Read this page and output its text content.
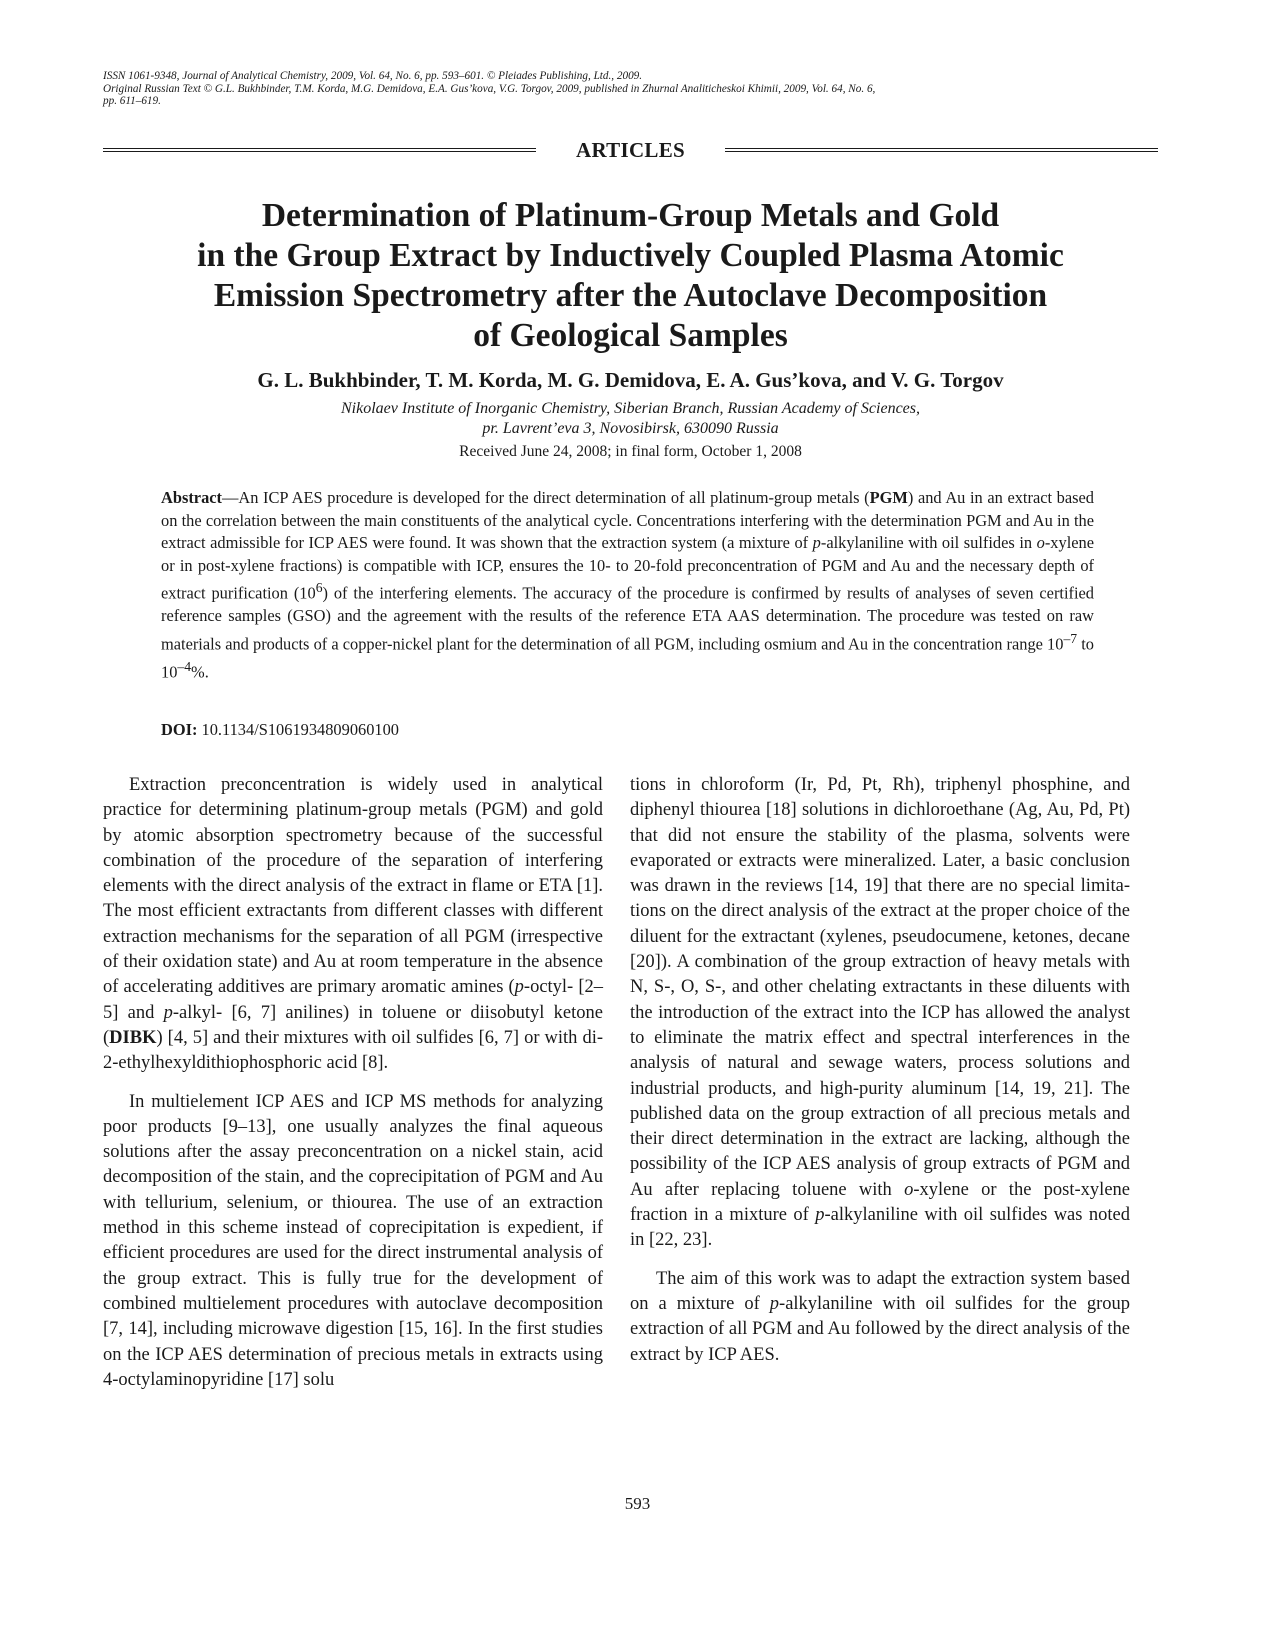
ISSN 1061-9348, Journal of Analytical Chemistry, 2009, Vol. 64, No. 6, pp. 593–601. © Pleiades Publishing, Ltd., 2009.
Original Russian Text © G.L. Bukhbinder, T.M. Korda, M.G. Demidova, E.A. Gus’kova, V.G. Torgov, 2009, published in Zhurnal Analiticheskoi Khimii, 2009, Vol. 64, No. 6,
pp. 611–619.
ARTICLES
Determination of Platinum-Group Metals and Gold
in the Group Extract by Inductively Coupled Plasma Atomic
Emission Spectrometry after the Autoclave Decomposition
of Geological Samples
G. L. Bukhbinder, T. M. Korda, M. G. Demidova, E. A. Gus’kova, and V. G. Torgov
Nikolaev Institute of Inorganic Chemistry, Siberian Branch, Russian Academy of Sciences,
pr. Lavrent’eva 3, Novosibirsk, 630090 Russia
Received June 24, 2008; in final form, October 1, 2008
Abstract—An ICP AES procedure is developed for the direct determination of all platinum-group metals (PGM) and Au in an extract based on the correlation between the main constituents of the analytical cycle. Concentrations interfering with the determination PGM and Au in the extract admissible for ICP AES were found. It was shown that the extraction system (a mixture of p-alkylaniline with oil sulfides in o-xylene or in post-xylene fractions) is compatible with ICP, ensures the 10- to 20-fold preconcentration of PGM and Au and the necessary depth of extract purification $(10^6)$ of the interfering elements. The accuracy of the procedure is confirmed by results of analyses of seven certified reference samples (GSO) and the agreement with the results of the reference ETA AAS determination. The procedure was tested on raw materials and products of a copper-nickel plant for the determination of all PGM, including osmium and Au in the concentration range $10^{-7}$ to $10^{-4}\%$.
DOI: 10.1134/S1061934809060100

Extraction preconcentration is widely used in analytical practice for determining platinum-group metals (PGM) and gold by atomic absorption spectrometry because of the successful combination of the procedure of the separation of interfering elements with the direct analysis of the extract in flame or ETA [1]. The most efficient extractants from different classes with different extraction mechanisms for the separation of all PGM (irrespective of their oxidation state) and Au at room temperature in the absence of accelerating additives are primary aromatic amines (p-octyl- [2–5] and p-alkyl- [6, 7] anilines) in toluene or diisobutyl ketone (DIBK) [4, 5] and their mixtures with oil sulfides [6, 7] or with di-2-ethylhexyldithiophosphoric acid [8].

In multielement ICP AES and ICP MS methods for analyzing poor products [9–13], one usually analyzes the final aqueous solutions after the assay preconcentration on a nickel stain, acid decomposition of the stain, and the coprecipitation of PGM and Au with tellurium, selenium, or thiourea. The use of an extraction method in this scheme instead of coprecipitation is expedient, if efficient procedures are used for the direct instrumental analysis of the group extract. This is fully true for the development of combined multielement procedures with autoclave decomposition [7, 14], including microwave digestion [15, 16]. In the first studies on the ICP AES determination of precious metals in extracts using 4-octylaminopyridine [17] solu

tions in chloroform (Ir, Pd, Pt, Rh), triphenyl phosphine, and diphenyl thiourea [18] solutions in dichloroethane (Ag, Au, Pd, Pt) that did not ensure the stability of the plasma, solvents were evaporated or extracts were mineralized. Later, a basic conclusion was drawn in the reviews [14, 19] that there are no special limitations on the direct analysis of the extract at the proper choice of the diluent for the extractant (xylenes, pseudocumene, ketones, decane [20]). A combination of the group extraction of heavy metals with N, S-, O, S-, and other chelating extractants in these diluents with the introduction of the extract into the ICP has allowed the analyst to eliminate the matrix effect and spectral interferences in the analysis of natural and sewage waters, process solutions and industrial products, and high-purity aluminum [14, 19, 21]. The published data on the group extraction of all precious metals and their direct determination in the extract are lacking, although the possibility of the ICP AES analysis of group extracts of PGM and Au after replacing toluene with o-xylene or the post-xylene fraction in a mixture of p-alkylaniline with oil sulfides was noted in [22, 23].

The aim of this work was to adapt the extraction system based on a mixture of p-alkylaniline with oil sulfides for the group extraction of all PGM and Au followed by the direct analysis of the extract by ICP AES.

593
